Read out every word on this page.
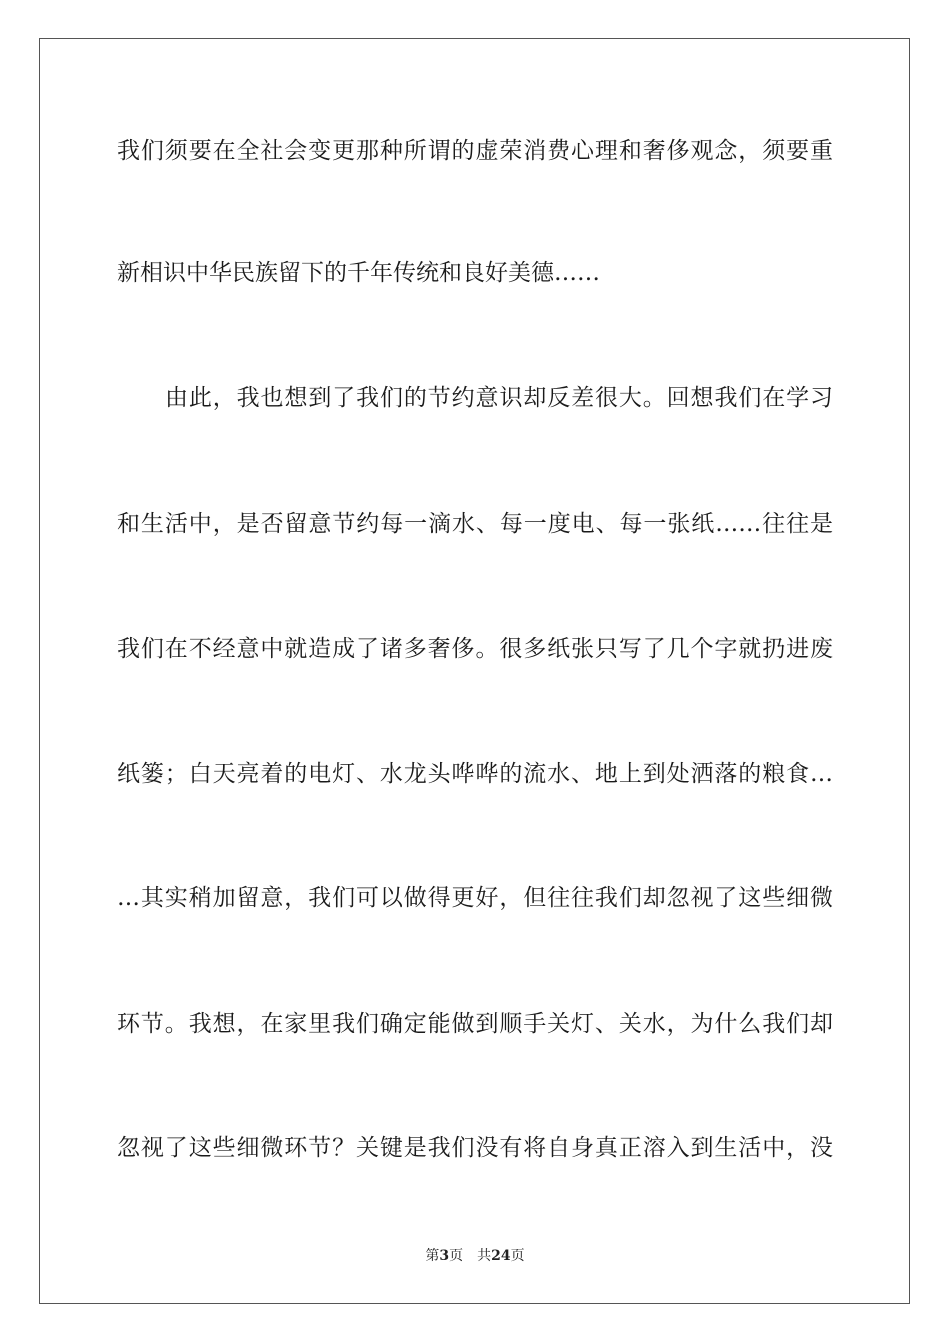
我们须要在全社会变更那种所谓的虚荣消费心理和奢侈观念，须要重
新相识中华民族留下的千年传统和良好美德……
由此，我也想到了我们的节约意识却反差很大。回想我们在学习
和生活中，是否留意节约每一滴水、每一度电、每一张纸……往往是
我们在不经意中就造成了诸多奢侈。很多纸张只写了几个字就扔进废
纸篓；白天亮着的电灯、水龙头哗哗的流水、地上到处洒落的粮食…
…其实稍加留意，我们可以做得更好，但往往我们却忽视了这些细微
环节。我想，在家里我们确定能做到顺手关灯、关水，为什么我们却
忽视了这些细微环节？关键是我们没有将自身真正溶入到生活中，没
第3页 共24页
